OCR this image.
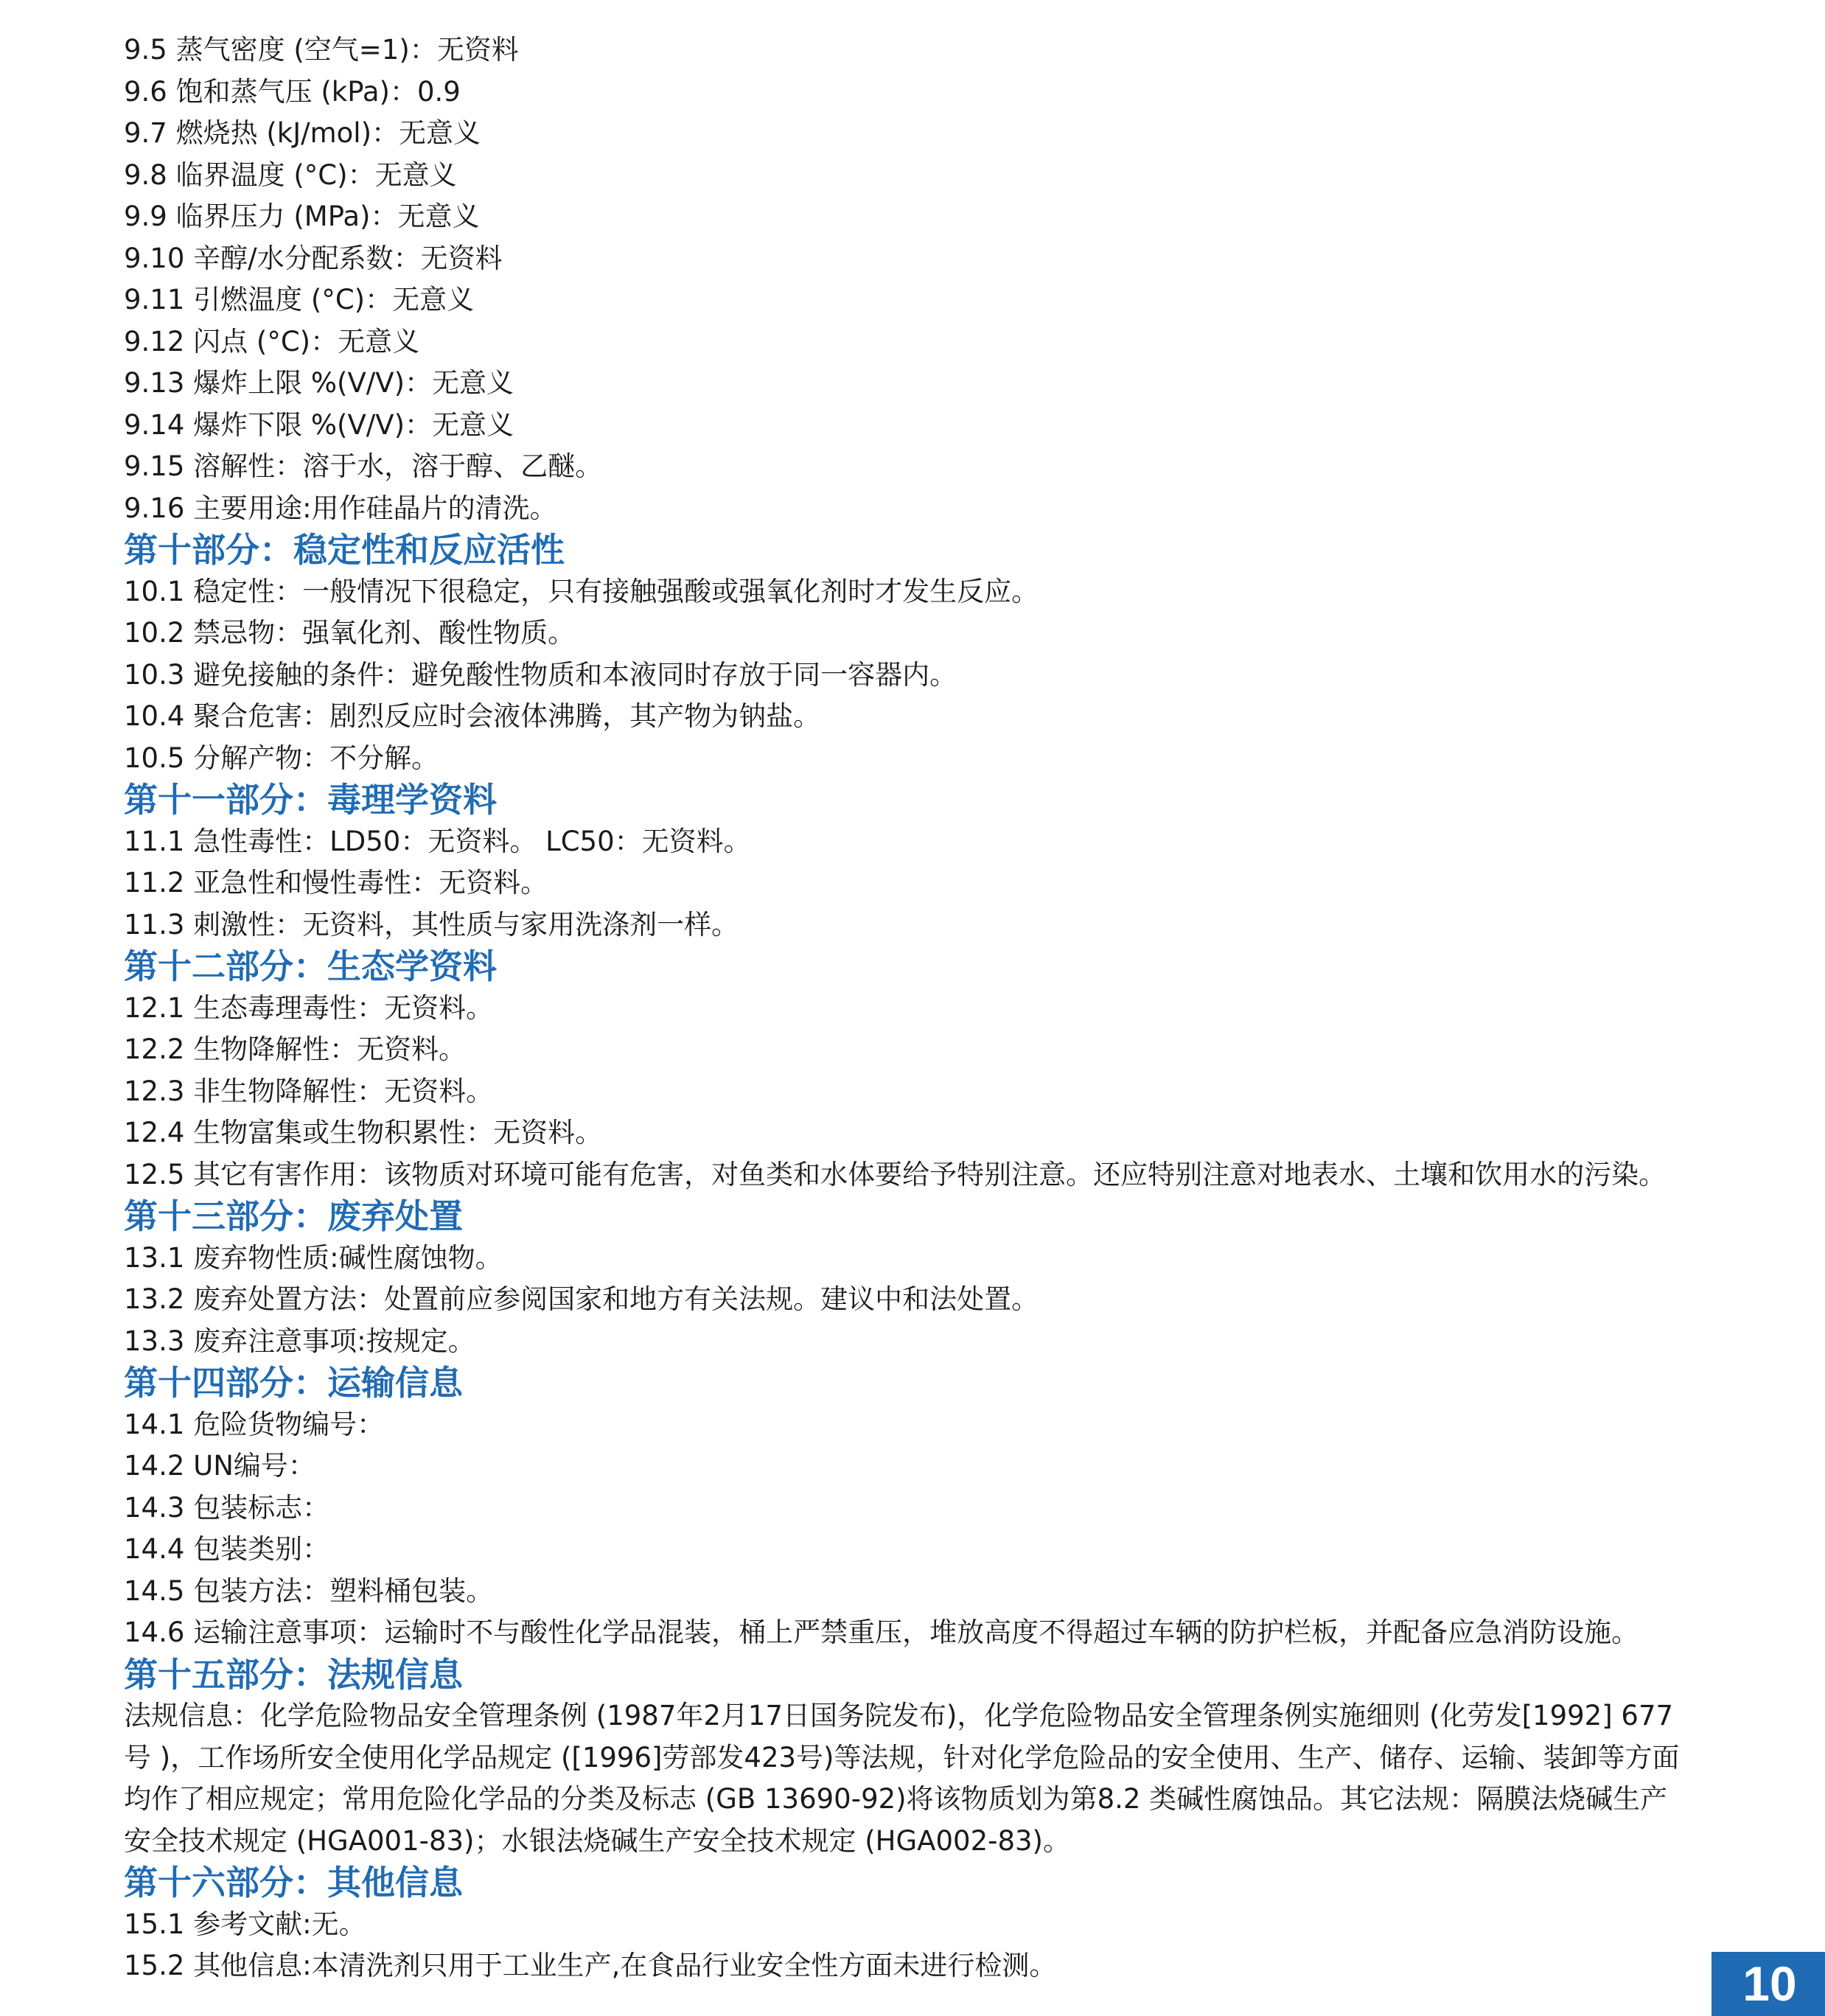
9.5 蒸气密度 (空气=1)：无资料
9.6 饱和蒸气压 (kPa)：0.9
9.7 燃烧热 (kJ/mol)：无意义
9.8 临界温度 (°C)：无意义
9.9 临界压力 (MPa)：无意义
9.10 辛醇/水分配系数：无资料
9.11 引燃温度 (°C)：无意义
9.12 闪点 (°C)：无意义
9.13 爆炸上限 %(V/V)：无意义
9.14 爆炸下限 %(V/V)：无意义
9.15 溶解性：溶于水，溶于醇、乙醚。
9.16 主要用途:用作硅晶片的清洗。
第十部分：稳定性和反应活性
10.1 稳定性：一般情况下很稳定，只有接触强酸或强氧化剂时才发生反应。
10.2 禁忌物：强氧化剂、酸性物质。
10.3 避免接触的条件：避免酸性物质和本液同时存放于同一容器内。
10.4 聚合危害：剧烈反应时会液体沸腾，其产物为钠盐。
10.5 分解产物：不分解。
第十一部分：毒理学资料
11.1 急性毒性：LD50：无资料。 LC50：无资料。
11.2 亚急性和慢性毒性：无资料。
11.3 刺激性：无资料，其性质与家用洗涤剂一样。
第十二部分：生态学资料
12.1 生态毒理毒性：无资料。
12.2 生物降解性：无资料。
12.3 非生物降解性：无资料。
12.4 生物富集或生物积累性：无资料。
12.5 其它有害作用：该物质对环境可能有危害，对鱼类和水体要给予特别注意。还应特别注意对地表水、土壤和饮用水的污染。
第十三部分：废弃处置
13.1 废弃物性质:碱性腐蚀物。
13.2 废弃处置方法：处置前应参阅国家和地方有关法规。建议中和法处置。
13.3 废弃注意事项:按规定。
第十四部分：运输信息
14.1 危险货物编号：
14.2 UN编号：
14.3 包装标志：
14.4 包装类别：
14.5 包装方法：塑料桶包装。
14.6 运输注意事项：运输时不与酸性化学品混装，桶上严禁重压，堆放高度不得超过车辆的防护栏板，并配备应急消防设施。
第十五部分：法规信息
法规信息：化学危险物品安全管理条例 (1987年2月17日国务院发布)，化学危险物品安全管理条例实施细则 (化劳发[1992] 677号 )，工作场所安全使用化学品规定 ([1996]劳部发423号)等法规，针对化学危险品的安全使用、生产、储存、运输、装卸等方面均作了相应规定；常用危险化学品的分类及标志 (GB 13690-92)将该物质划为第8.2 类碱性腐蚀品。其它法规：隔膜法烧碱生产安全技术规定 (HGA001-83)；水银法烧碱生产安全技术规定 (HGA002-83)。
第十六部分：其他信息
15.1 参考文献:无。
15.2 其他信息:本清洗剂只用于工业生产,在食品行业安全性方面未进行检测。	10
